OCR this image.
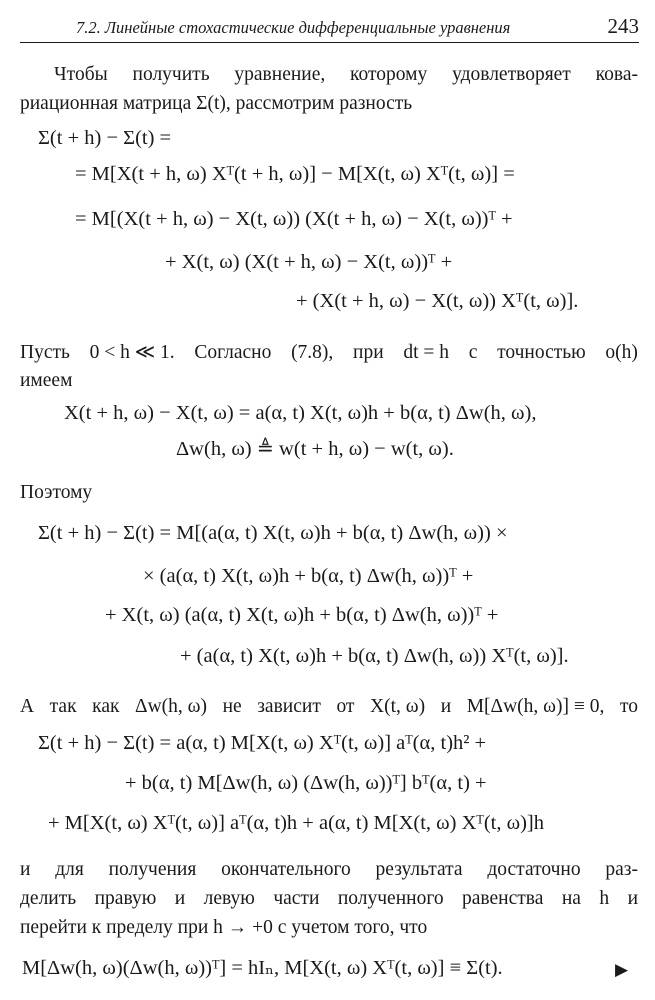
7.2. Линейные стохастические дифференциальные уравнения	243
Чтобы получить уравнение, которому удовлетворяет кова-
риационная матрица Σ(t), рассмотрим разность
Σ(t + h) − Σ(t) =
= M[X(t + h, ω) Xᵀ(t + h, ω)] − M[X(t, ω) Xᵀ(t, ω)] =
= M[(X(t + h, ω) − X(t, ω)) (X(t + h, ω) − X(t, ω))ᵀ +
+ X(t, ω) (X(t + h, ω) − X(t, ω))ᵀ +
+ (X(t + h, ω) − X(t, ω)) Xᵀ(t, ω)].
Пусть 0 < h ≪ 1. Согласно (7.8), при dt = h с точностью o(h)
имеем
X(t + h, ω) − X(t, ω) = a(α, t) X(t, ω)h + b(α, t) Δw(h, ω),
Δw(h, ω) ≜ w(t + h, ω) − w(t, ω).
Поэтому
Σ(t + h) − Σ(t) = M[(a(α, t) X(t, ω)h + b(α, t) Δw(h, ω)) ×
× (a(α, t) X(t, ω)h + b(α, t) Δw(h, ω))ᵀ +
+ X(t, ω) (a(α, t) X(t, ω)h + b(α, t) Δw(h, ω))ᵀ +
+ (a(α, t) X(t, ω)h + b(α, t) Δw(h, ω)) Xᵀ(t, ω)].
А так как Δw(h, ω) не зависит от X(t, ω) и M[Δw(h, ω)] ≡ 0, то
Σ(t + h) − Σ(t) = a(α, t) M[X(t, ω) Xᵀ(t, ω)] aᵀ(α, t)h² +
+ b(α, t) M[Δw(h, ω) (Δw(h, ω))ᵀ] bᵀ(α, t) +
+ M[X(t, ω) Xᵀ(t, ω)] aᵀ(α, t)h + a(α, t) M[X(t, ω) Xᵀ(t, ω)]h
и для получения окончательного результата достаточно раз-
делить правую и левую части полученного равенства на h и
перейти к пределу при h → +0 с учетом того, что
M[Δw(h, ω)(Δw(h, ω))ᵀ] = hIₙ, M[X(t, ω) Xᵀ(t, ω)] ≡ Σ(t).	▶
